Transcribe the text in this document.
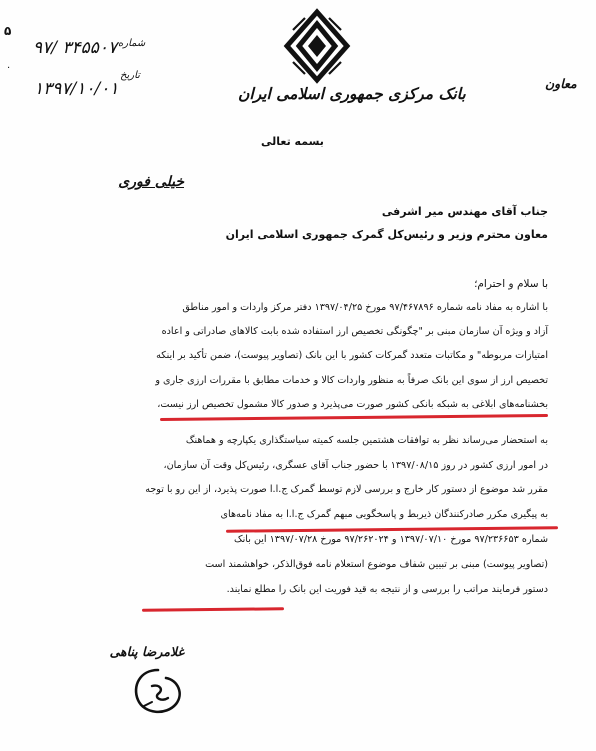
۵
·
شماره
۹۷/ ۳۴۵۵۰۷
تاریخ
۱۳۹۷/۱۰/۰۱	بانک مرکزی جمهوری اسلامی ایران
معاون
بسمه تعالی
خیلی فوری
جناب آقای مهندس میر اشرفی
معاون محترم وزیر و رئیس‌کل گمرک جمهوری اسلامی ایران
با سلام و احترام؛
با اشاره به مفاد نامه شماره ۹۷/۴۶۷۸۹۶ مورخ ۱۳۹۷/۰۴/۲۵ دفتر مرکز واردات و امور مناطق
آزاد و ویژه آن سازمان مبنی بر "چگونگی تخصیص ارز استفاده شده بابت کالاهای صادراتی و اعاده
امتیازات مربوطه" و مکاتبات متعدد گمرکات کشور با این بانک (تصاویر پیوست)، ضمن تأکید بر اینکه
تخصیص ارز از سوی این بانک صرفاً به منظور واردات کالا و خدمات مطابق با مقررات ارزی جاری و
بخشنامه‌های ابلاغی به شبکه بانکی کشور صورت می‌پذیرد و صدور کالا مشمول تخصیص ارز نیست،
به استحضار می‌رساند نظر به توافقات هشتمین جلسه کمیته سیاستگذاری یکپارچه و هماهنگ
در امور ارزی کشور در روز ۱۳۹۷/۰۸/۱۵ با حضور جناب آقای عسگری، رئیس‌کل وقت آن سازمان،
مقرر شد موضوع از دستور کار خارج و بررسی لازم توسط گمرک ج.ا.ا صورت پذیرد، از این رو با توجه
به پیگیری مکرر صادرکنندگان ذیربط و پاسخگویی مبهم گمرک ج.ا.ا به مفاد نامه‌های
شماره ۹۷/۲۳۶۶۵۳ مورخ ۱۳۹۷/۰۷/۱۰ و ۹۷/۲۶۲۰۲۴ مورخ ۱۳۹۷/۰۷/۲۸ این بانک
(تصاویر پیوست) مبنی بر تبیین شفاف موضوع استعلام نامه فوق‌الذکر، خواهشمند است
دستور فرمایند مراتب را بررسی و از نتیجه به قید فوریت این بانک را مطلع نمایند.
غلامرضا پناهی
